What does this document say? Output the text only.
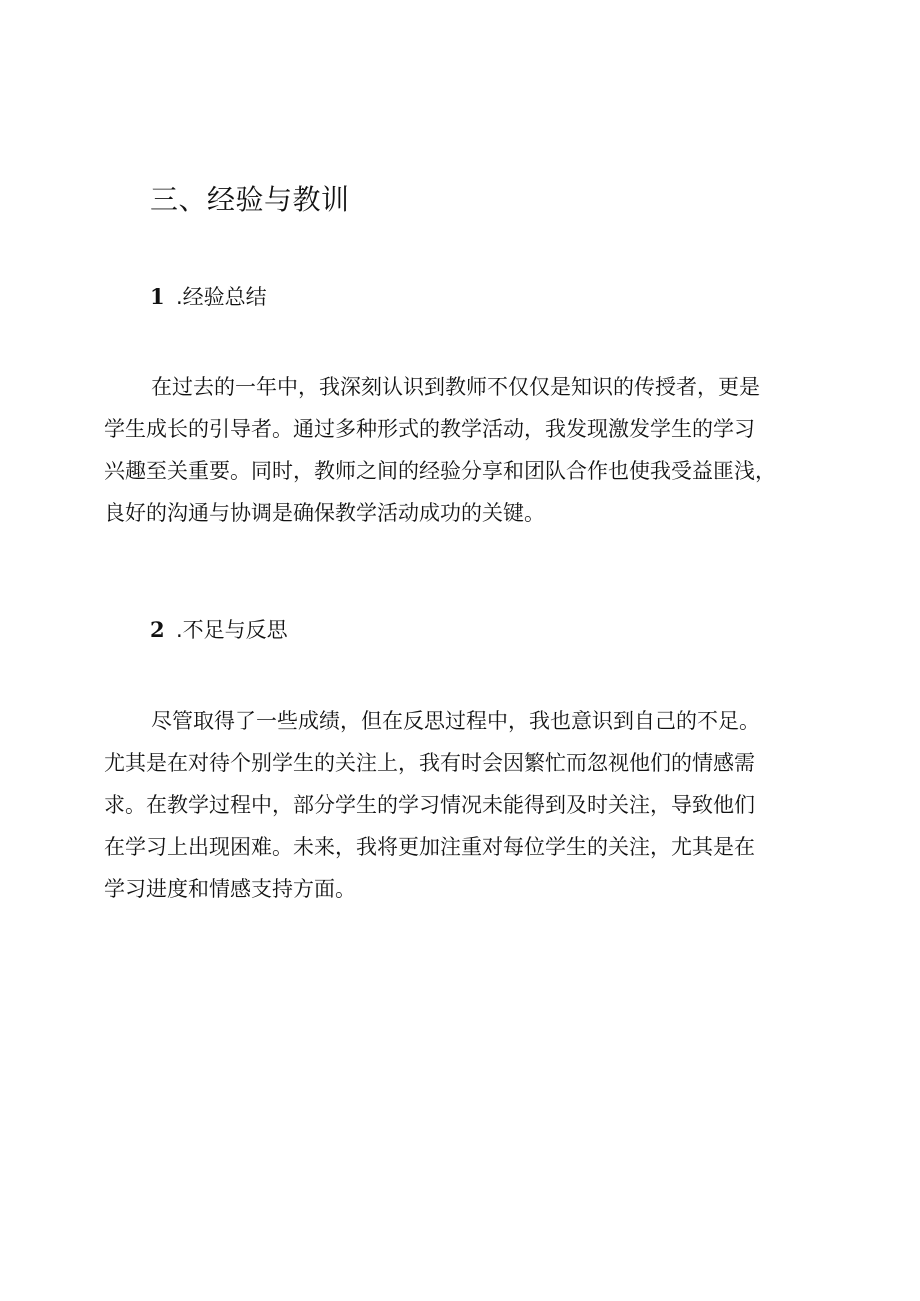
三、经验与教训
1 .经验总结

在过去的一年中，我深刻认识到教师不仅仅是知识的传授者，更是
学生成长的引导者。通过多种形式的教学活动，我发现激发学生的学习
兴趣至关重要。同时，教师之间的经验分享和团队合作也使我受益匪浅，
良好的沟通与协调是确保教学活动成功的关键。

2 .不足与反思

尽管取得了一些成绩，但在反思过程中，我也意识到自己的不足。
尤其是在对待个别学生的关注上，我有时会因繁忙而忽视他们的情感需
求。在教学过程中，部分学生的学习情况未能得到及时关注，导致他们
在学习上出现困难。未来，我将更加注重对每位学生的关注，尤其是在
学习进度和情感支持方面。
